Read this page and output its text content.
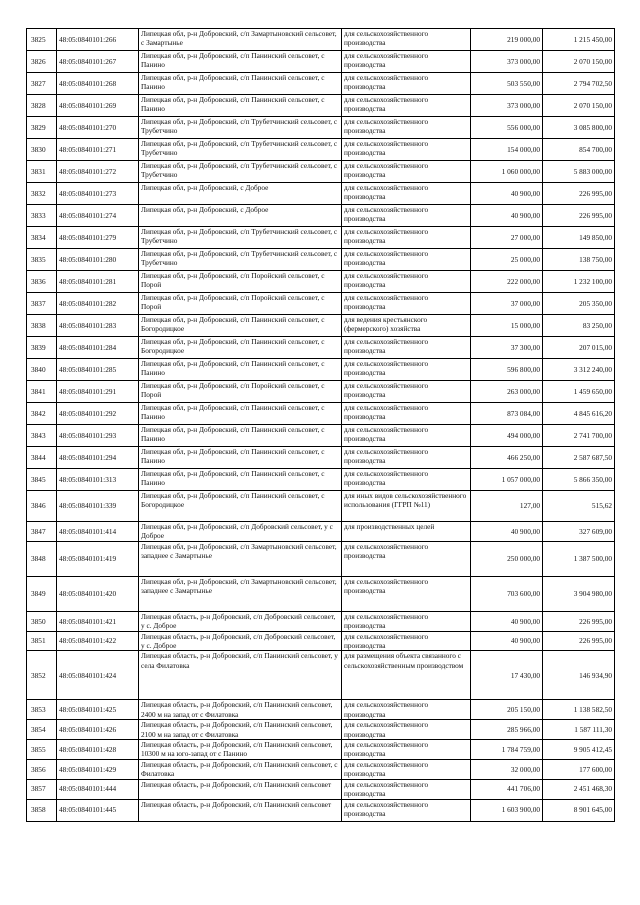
3825	48:05:0840101:266	Липецкая обл, р-н Добровский, с/п Замартыновский сельсовет, с Замартынье	для сельскохозяйственного производства	219 000,00	1 215 450,00
3826	48:05:0840101:267	Липецкая обл, р-н Добровский, с/п Панинский сельсовет, с Панино	для сельскохозяйственного производства	373 000,00	2 070 150,00
3827	48:05:0840101:268	Липецкая обл, р-н Добровский, с/п Панинский сельсовет, с Панино	для сельскохозяйственного производства	503 550,00	2 794 702,50
3828	48:05:0840101:269	Липецкая обл, р-н Добровский, с/п Панинский сельсовет, с Панино	для сельскохозяйственного производства	373 000,00	2 070 150,00
3829	48:05:0840101:270	Липецкая обл, р-н Добровский, с/п Трубетчинский сельсовет, с Трубетчино	для сельскохозяйственного производства	556 000,00	3 085 800,00
3830	48:05:0840101:271	Липецкая обл, р-н Добровский, с/п Трубетчинский сельсовет, с Трубетчино	для сельскохозяйственного производства	154 000,00	854 700,00
3831	48:05:0840101:272	Липецкая обл, р-н Добровский, с/п Трубетчинский сельсовет, с Трубетчино	для сельскохозяйственного производства	1 060 000,00	5 883 000,00
3832	48:05:0840101:273	Липецкая обл, р-н Добровский, с Доброе	для сельскохозяйственного производства	40 900,00	226 995,00
3833	48:05:0840101:274	Липецкая обл, р-н Добровский, с Доброе	для сельскохозяйственного производства	40 900,00	226 995,00
3834	48:05:0840101:279	Липецкая обл, р-н Добровский, с/п Трубетчинский сельсовет, с Трубетчино	для сельскохозяйственного производства	27 000,00	149 850,00
3835	48:05:0840101:280	Липецкая обл, р-н Добровский, с/п Трубетчинский сельсовет, с Трубетчино	для сельскохозяйственного производства	25 000,00	138 750,00
3836	48:05:0840101:281	Липецкая обл, р-н Добровский, с/п Поройский сельсовет, с Порой	для сельскохозяйственного производства	222 000,00	1 232 100,00
3837	48:05:0840101:282	Липецкая обл, р-н Добровский, с/п Поройский сельсовет, с Порой	для сельскохозяйственного производства	37 000,00	205 350,00
3838	48:05:0840101:283	Липецкая обл, р-н Добровский, с/п Панинский сельсовет, с Богородицкое	для ведения крестьянского (фермерского) хозяйства	15 000,00	83 250,00
3839	48:05:0840101:284	Липецкая обл, р-н Добровский, с/п Панинский сельсовет, с Богородицкое	для сельскохозяйственного производства	37 300,00	207 015,00
3840	48:05:0840101:285	Липецкая обл, р-н Добровский, с/п Панинский сельсовет, с Панино	для сельскохозяйственного производства	596 800,00	3 312 240,00
3841	48:05:0840101:291	Липецкая обл, р-н Добровский, с/п Поройский сельсовет, с Порой	для сельскохозяйственного производства	263 000,00	1 459 650,00
3842	48:05:0840101:292	Липецкая обл, р-н Добровский, с/п Панинский сельсовет, с Панино	для сельскохозяйственного производства	873 084,00	4 845 616,20
3843	48:05:0840101:293	Липецкая обл, р-н Добровский, с/п Панинский сельсовет, с Панино	для сельскохозяйственного производства	494 000,00	2 741 700,00
3844	48:05:0840101:294	Липецкая обл, р-н Добровский, с/п Панинский сельсовет, с Панино	для сельскохозяйственного производства	466 250,00	2 587 687,50
3845	48:05:0840101:313	Липецкая обл, р-н Добровский, с/п Панинский сельсовет, с Панино	для сельскохозяйственного производства	1 057 000,00	5 866 350,00
3846	48:05:0840101:339	Липецкая обл, р-н Добровский, с/п Панинский сельсовет, с Богородицкое	для иных видов сельскохозяйственного использования (ГГРП №11)	127,00	515,62
3847	48:05:0840101:414	Липецкая обл, р-н Добровский, с/п Добровский сельсовет, у с Доброе	для производственных целей	40 900,00	327 609,00
3848	48:05:0840101:419	Липецкая обл, р-н Добровский, с/п Замартыновский сельсовет, западнее с Замартынье	для сельскохозяйственного производства	250 000,00	1 387 500,00
3849	48:05:0840101:420	Липецкая обл, р-н Добровский, с/п Замартыновский сельсовет, западнее с Замартынье	для сельскохозяйственного производства	703 600,00	3 904 980,00
3850	48:05:0840101:421	Липецкая область, р-н Добровский, с/п Добровский сельсовет, у с. Доброе	для сельскохозяйственного производства	40 900,00	226 995,00
3851	48:05:0840101:422	Липецкая область, р-н Добровский, с/п Добровский сельсовет, у с. Доброе	для сельскохозяйственного производства	40 900,00	226 995,00
3852	48:05:0840101:424	Липецкая область, р-н Добровский, с/п Панинский сельсовет, у села Филатовка	для размещения объекта связанного с сельскохозяйственным производством	17 430,00	146 934,90
3853	48:05:0840101:425	Липецкая область, р-н Добровский, с/п Панинский сельсовет, 2400 м на запад от с Филатовка	для сельскохозяйственного производства	205 150,00	1 138 582,50
3854	48:05:0840101:426	Липецкая область, р-н Добровский, с/п Панинский сельсовет, 2100 м на запад от с Филатовка	для сельскохозяйственного производства	285 966,00	1 587 111,30
3855	48:05:0840101:428	Липецкая область, р-н Добровский, с/п Панинский сельсовет, 10300 м на юго-запад от с Панино	для сельскохозяйственного производства	1 784 759,00	9 905 412,45
3856	48:05:0840101:429	Липецкая область, р-н Добровский, с/п Панинский сельсовет, с Филатовка	для сельскохозяйственного производства	32 000,00	177 600,00
3857	48:05:0840101:444	Липецкая область, р-н Добровский, с/п Панинский сельсовет	для сельскохозяйственного производства	441 706,00	2 451 468,30
3858	48:05:0840101:445	Липецкая область, р-н Добровский, с/п Панинский сельсовет	для сельскохозяйственного производства	1 603 900,00	8 901 645,00
